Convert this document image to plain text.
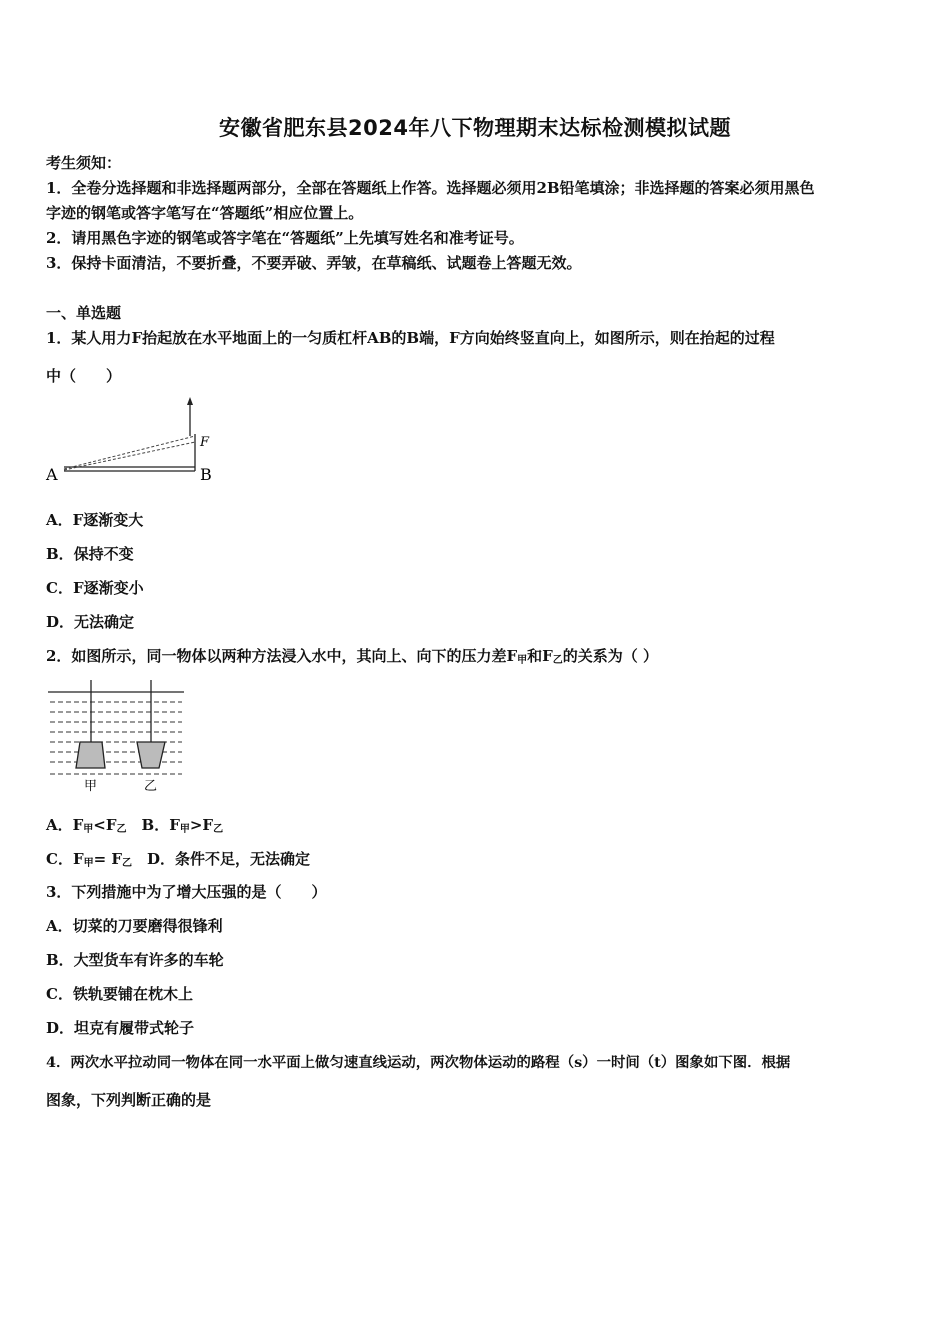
安徽省肥东县2024年八下物理期末达标检测模拟试题
考生须知：
1．全卷分选择题和非选择题两部分，全部在答题纸上作答。选择题必须用2B铅笔填涂；非选择题的答案必须用黑色
字迹的钢笔或答字笔写在“答题纸”相应位置上。
2．请用黑色字迹的钢笔或答字笔在“答题纸”上先填写姓名和准考证号。
3．保持卡面清洁，不要折叠，不要弄破、弄皱，在草稿纸、试题卷上答题无效。
一、单选题
1．某人用力F抬起放在水平地面上的一匀质杠杆AB的B端，F方向始终竖直向上，如图所示，则在抬起的过程
中（　　）
F
A	B
A．F逐渐变大
B．保持不变
C．F逐渐变小
D．无法确定
2．如图所示，同一物体以两种方法浸入水中，其向上、向下的压力差$F_甲$和$F_乙$的关系为（ ）
甲	乙
A．$F_甲<F_乙$　B．$F_甲>F_乙$
C．$F_甲= F_乙$　D．条件不足，无法确定
3．下列措施中为了增大压强的是（　　）
A．切菜的刀要磨得很锋利
B．大型货车有许多的车轮
C．铁轨要铺在枕木上
D．坦克有履带式轮子
4．两次水平拉动同一物体在同一水平面上做匀速直线运动，两次物体运动的路程（s）一时间（t）图象如下图．根据
图象，下列判断正确的是
